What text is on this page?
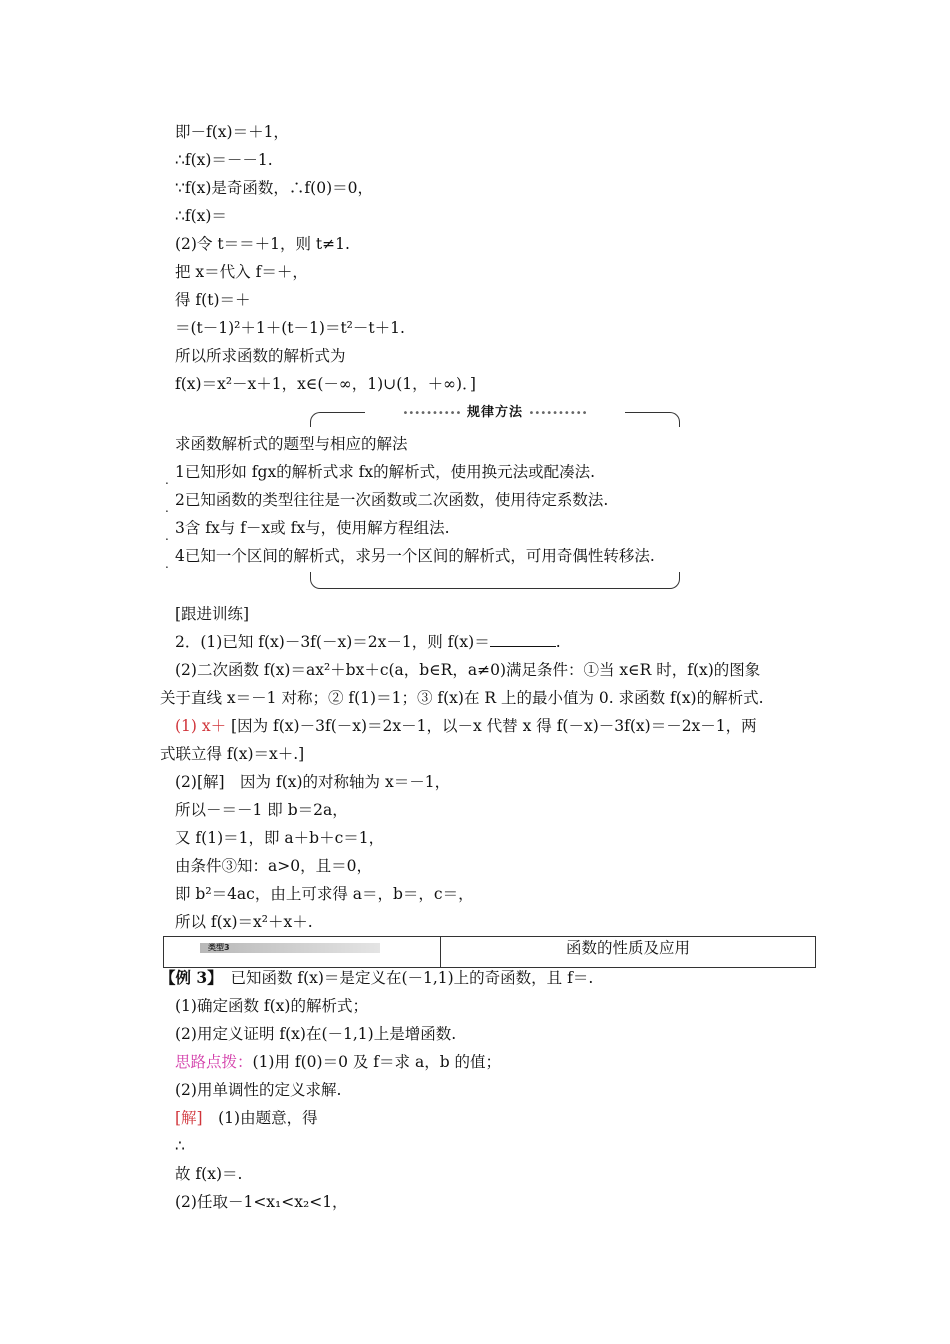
即－f(x)＝＋1，
∴f(x)＝－－1.
∵f(x)是奇函数，∴f(0)＝0，
∴f(x)＝
(2)令 t＝＝＋1，则 t≠1.
把 x＝代入 f＝＋，
得 f(t)＝＋
＝(t－1)²＋1＋(t－1)＝t²－t＋1.
所以所求函数的解析式为
f(x)＝x²－x＋1，x∈(－∞，1)∪(1，＋∞)．]
•••••••••• 规律方法 ••••••••••
求函数解析式的题型与相应的解法
. 1已知形如 fgx的解析式求 fx的解析式，使用换元法或配凑法.
. 2已知函数的类型往往是一次函数或二次函数，使用待定系数法.
. 3含 fx与 f－x或 fx与，使用解方程组法.
. 4已知一个区间的解析式，求另一个区间的解析式，可用奇偶性转移法.
[跟进训练]
2．(1)已知 f(x)－3f(－x)＝2x－1，则 f(x)＝	.
(2)二次函数 f(x)＝ax²＋bx＋c(a，b∈R，a≠0)满足条件：①当 x∈R 时，f(x)的图象
关于直线 x＝－1 对称；② f(1)＝1；③ f(x)在 R 上的最小值为 0. 求函数 f(x)的解析式.
(1) x＋ [因为 f(x)－3f(－x)＝2x－1，以－x 代替 x 得 f(－x)－3f(x)＝－2x－1，两
式联立得 f(x)＝x＋.]
(2)[解]　因为 f(x)的对称轴为 x＝－1，
所以－＝－1 即 b＝2a，
又 f(1)＝1，即 a＋b＋c＝1，
由条件③知：a>0，且＝0，
即 b²＝4ac，由上可求得 a＝，b＝，c＝，
所以 f(x)＝x²＋x＋.
类型3	函数的性质及应用
【例 3】　已知函数 f(x)＝是定义在(－1,1)上的奇函数，且 f＝.
(1)确定函数 f(x)的解析式；
(2)用定义证明 f(x)在(－1,1)上是增函数.
思路点拨：(1)用 f(0)＝0 及 f＝求 a，b 的值；
(2)用单调性的定义求解.
[解]　(1)由题意，得
∴
故 f(x)＝.
(2)任取－1<x₁<x₂<1，
